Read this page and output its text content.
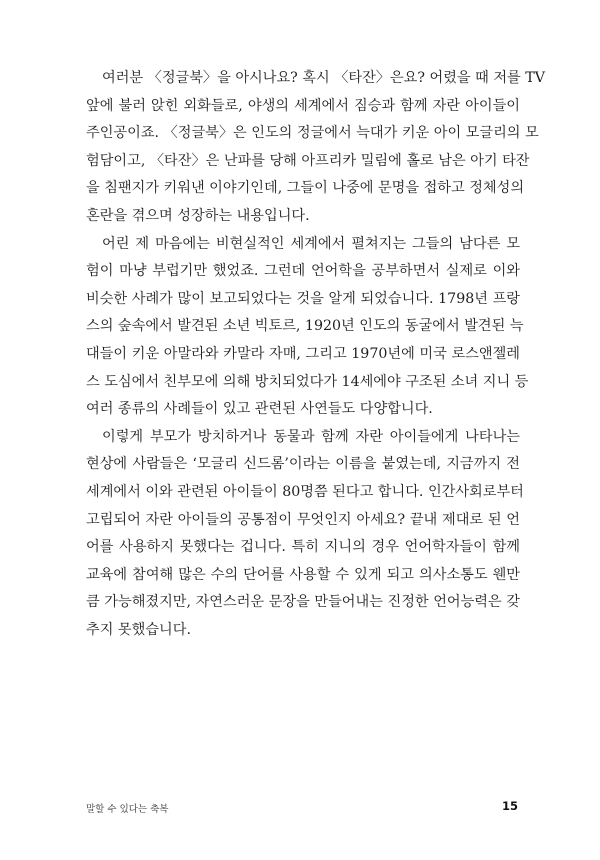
여러분 〈정글북〉을 아시나요? 혹시 〈타잔〉은요? 어렸을 때 저를 TV
앞에 불러 앉힌 외화들로, 야생의 세계에서 짐승과 함께 자란 아이들이
주인공이죠. 〈정글북〉은 인도의 정글에서 늑대가 키운 아이 모글리의 모
험담이고, 〈타잔〉은 난파를 당해 아프리카 밀림에 홀로 남은 아기 타잔
을 침팬지가 키워낸 이야기인데, 그들이 나중에 문명을 접하고 정체성의
혼란을 겪으며 성장하는 내용입니다.
어린 제 마음에는 비현실적인 세계에서 펼쳐지는 그들의 남다른 모
험이 마냥 부럽기만 했었죠. 그런데 언어학을 공부하면서 실제로 이와
비슷한 사례가 많이 보고되었다는 것을 알게 되었습니다. 1798년 프랑
스의 숲속에서 발견된 소년 빅토르, 1920년 인도의 동굴에서 발견된 늑
대들이 키운 아말라와 카말라 자매, 그리고 1970년에 미국 로스앤젤레
스 도심에서 친부모에 의해 방치되었다가 14세에야 구조된 소녀 지니 등
여러 종류의 사례들이 있고 관련된 사연들도 다양합니다.
이렇게 부모가 방치하거나 동물과 함께 자란 아이들에게 나타나는
현상에 사람들은 ‘모글리 신드롬’이라는 이름을 붙였는데, 지금까지 전
세계에서 이와 관련된 아이들이 80명쯤 된다고 합니다. 인간사회로부터
고립되어 자란 아이들의 공통점이 무엇인지 아세요? 끝내 제대로 된 언
어를 사용하지 못했다는 겁니다. 특히 지니의 경우 언어학자들이 함께
교육에 참여해 많은 수의 단어를 사용할 수 있게 되고 의사소통도 웬만
큼 가능해졌지만, 자연스러운 문장을 만들어내는 진정한 언어능력은 갖
추지 못했습니다.
말할 수 있다는 축복	15
